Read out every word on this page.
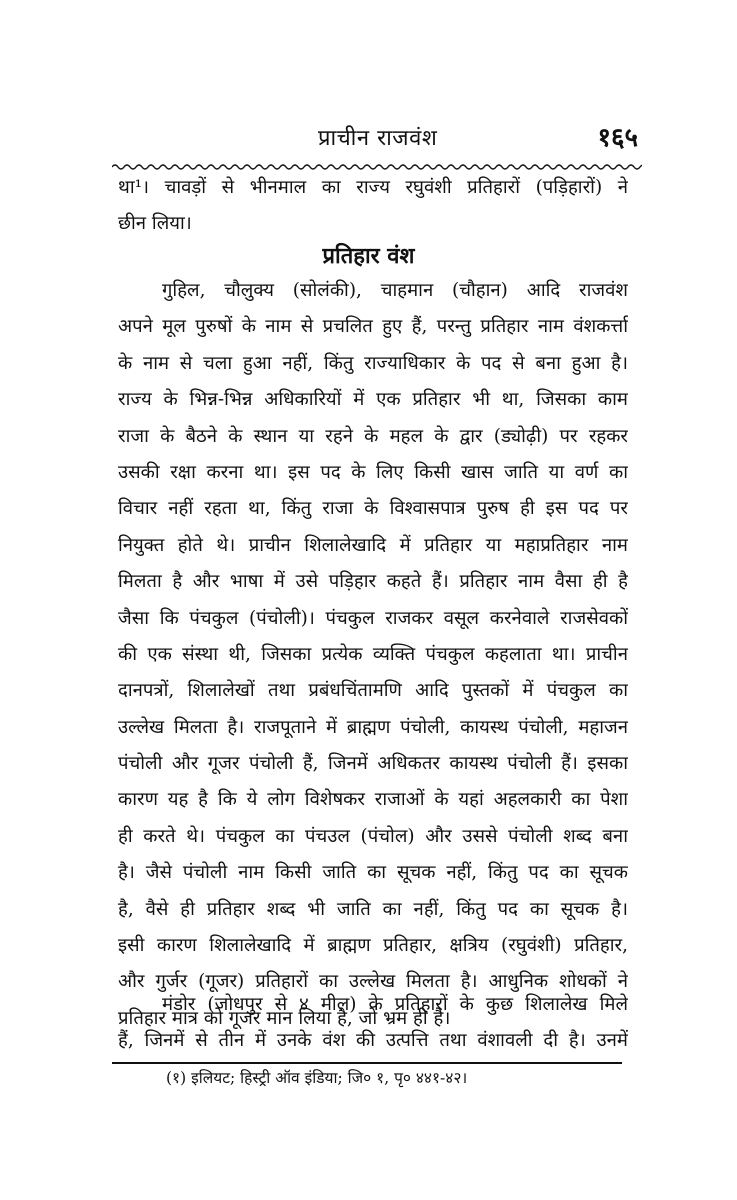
प्राचीन राजवंश	१६५
था¹। चावड़ों से भीनमाल का राज्य रघुवंशी प्रतिहारों (पड़िहारों) ने
छीन लिया।
प्रतिहार वंश
गुहिल, चौलुक्य (सोलंकी), चाहमान (चौहान) आदि राजवंश
अपने मूल पुरुषों के नाम से प्रचलित हुए हैं, परन्तु प्रतिहार नाम वंशकर्त्ता
के नाम से चला हुआ नहीं, किंतु राज्याधिकार के पद से बना हुआ है।
राज्य के भिन्न-भिन्न अधिकारियों में एक प्रतिहार भी था, जिसका काम
राजा के बैठने के स्थान या रहने के महल के द्वार (ड्योढ़ी) पर रहकर
उसकी रक्षा करना था। इस पद के लिए किसी खास जाति या वर्ण का
विचार नहीं रहता था, किंतु राजा के विश्वासपात्र पुरुष ही इस पद पर
नियुक्त होते थे। प्राचीन शिलालेखादि में प्रतिहार या महाप्रतिहार नाम
मिलता है और भाषा में उसे पड़िहार कहते हैं। प्रतिहार नाम वैसा ही है
जैसा कि पंचकुल (पंचोली)। पंचकुल राजकर वसूल करनेवाले राजसेवकों
की एक संस्था थी, जिसका प्रत्येक व्यक्ति पंचकुल कहलाता था। प्राचीन
दानपत्रों, शिलालेखों तथा प्रबंधचिंतामणि आदि पुस्तकों में पंचकुल का
उल्लेख मिलता है। राजपूताने में ब्राह्मण पंचोली, कायस्थ पंचोली, महाजन
पंचोली और गूजर पंचोली हैं, जिनमें अधिकतर कायस्थ पंचोली हैं। इसका
कारण यह है कि ये लोग विशेषकर राजाओं के यहां अहलकारी का पेशा
ही करते थे। पंचकुल का पंचउल (पंचोल) और उससे पंचोली शब्द बना
है। जैसे पंचोली नाम किसी जाति का सूचक नहीं, किंतु पद का सूचक
है, वैसे ही प्रतिहार शब्द भी जाति का नहीं, किंतु पद का सूचक है।
इसी कारण शिलालेखादि में ब्राह्मण प्रतिहार, क्षत्रिय (रघुवंशी) प्रतिहार,
और गुर्जर (गूजर) प्रतिहारों का उल्लेख मिलता है। आधुनिक शोधकों ने
प्रतिहार मात्र को गूजर मान लिया है, जो भ्रम ही है।
मंडोर (जोधपुर से ४ मील) के प्रतिहारों के कुछ शिलालेख मिले
हैं, जिनमें से तीन में उनके वंश की उत्पत्ति तथा वंशावली दी है। उनमें
(१) इलियट; हिस्ट्री ऑव इंडिया; जि० १, पृ० ४४१-४२।
